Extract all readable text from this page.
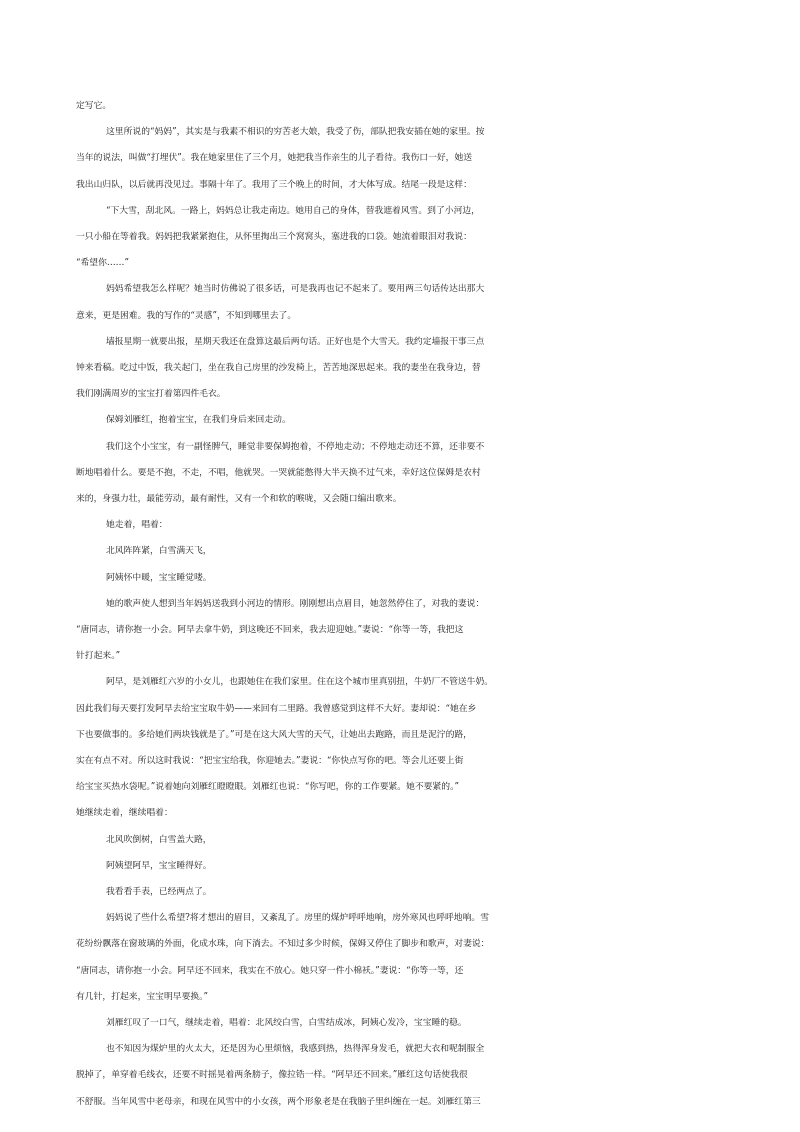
定写它。
这里所说的“妈妈”，其实是与我素不相识的穷苦老大娘，我受了伤，部队把我安插在她的家里。按
当年的说法，叫做“打埋伏”。我在她家里住了三个月，她把我当作亲生的儿子看待。我伤口一好，她送
我出山归队，以后就再没见过。事隔十年了。我用了三个晚上的时间，才大体写成。结尾一段是这样：
“下大雪，刮北风。一路上，妈妈总让我走南边。她用自己的身体，替我遮着风雪。到了小河边，
一只小船在等着我。妈妈把我紧紧抱住，从怀里掏出三个窝窝头，塞进我的口袋。她流着眼泪对我说：
“希望你……”
妈妈希望我怎么样呢？她当时仿佛说了很多话，可是我再也记不起来了。要用两三句话传达出那大
意来，更是困难。我的写作的“灵感”，不知到哪里去了。
墙报星期一就要出报，星期天我还在盘算这最后两句话。正好也是个大雪天。我约定墙报干事三点
钟来看稿。吃过中饭，我关起门，坐在我自己房里的沙发椅上，苦苦地深思起来。我的妻坐在我身边，替
我们刚满周岁的宝宝打着第四件毛衣。
保姆刘雁红，抱着宝宝，在我们身后来回走动。
我们这个小宝宝，有一副怪脾气，睡觉非要保姆抱着，不停地走动；不停地走动还不算，还非要不
断地唱着什么。要是不抱，不走，不唱，他就哭。一哭就能憋得大半天换不过气来，幸好这位保姆是农村
来的，身强力壮，最能劳动，最有耐性，又有一个和软的喉咙，又会随口编出歌来。
她走着，唱着：
北风阵阵紧，白雪满天飞，
阿姨怀中暖，宝宝睡觉喽。
她的歌声使人想到当年妈妈送我到小河边的情形。刚刚想出点眉目，她忽然停住了，对我的妻说：
“唐同志，请你抱一小会。阿早去拿牛奶，到这晚还不回来，我去迎迎她。”妻说：“你等一等，我把这
针打起来。”
阿早，是刘雁红六岁的小女儿，也跟她住在我们家里。住在这个城市里真别扭，牛奶厂不管送牛奶。
因此我们每天要打发阿早去给宝宝取牛奶——来回有二里路。我曾感觉到这样不大好。妻却说：“她在乡
下也要做事的。多给她们两块钱就是了。”可是在这大风大雪的天气，让她出去跑路，而且是泥泞的路，
实在有点不对。所以这时我说：“把宝宝给我，你迎她去。”妻说：“你快点写你的吧。等会儿还要上街
给宝宝买热水袋呢。”说着她向刘雁红瞪瞪眼。刘雁红也说：“你写吧，你的工作要紧。她不要紧的。”
她继续走着，继续唱着：
北风吹倒树，白雪盖大路，
阿姨望阿早，宝宝睡得好。
我看看手表，已经两点了。
妈妈说了些什么希望?将才想出的眉目，又紊乱了。房里的煤炉呼呼地响，房外寒风也呼呼地响。雪
花纷纷飘落在窗玻璃的外面，化成水珠，向下淌去。不知过多少时候，保姆又停住了脚步和歌声，对妻说：
“唐同志，请你抱一小会。阿早还不回来，我实在不放心。她只穿一件小棉袄。”妻说：“你等一等，还
有几针，打起来，宝宝明早要换。”
刘雁红叹了一口气，继续走着，唱着：北风绞白雪，白雪结成冰，阿姨心发冷，宝宝睡的稳。
也不知因为煤炉里的火太大，还是因为心里烦恼，我感到热，热得浑身发毛，就把大衣和呢制服全
脱掉了，单穿着毛线衣，还要不时摇晃着两条膀子，像拉锆一样。“阿早还不回来。”雁红这句话使我很
不舒服。当年风雪中老母亲，和现在风雪中的小女孩，两个形象老是在我脑子里纠缠在一起。刘雁红第三
